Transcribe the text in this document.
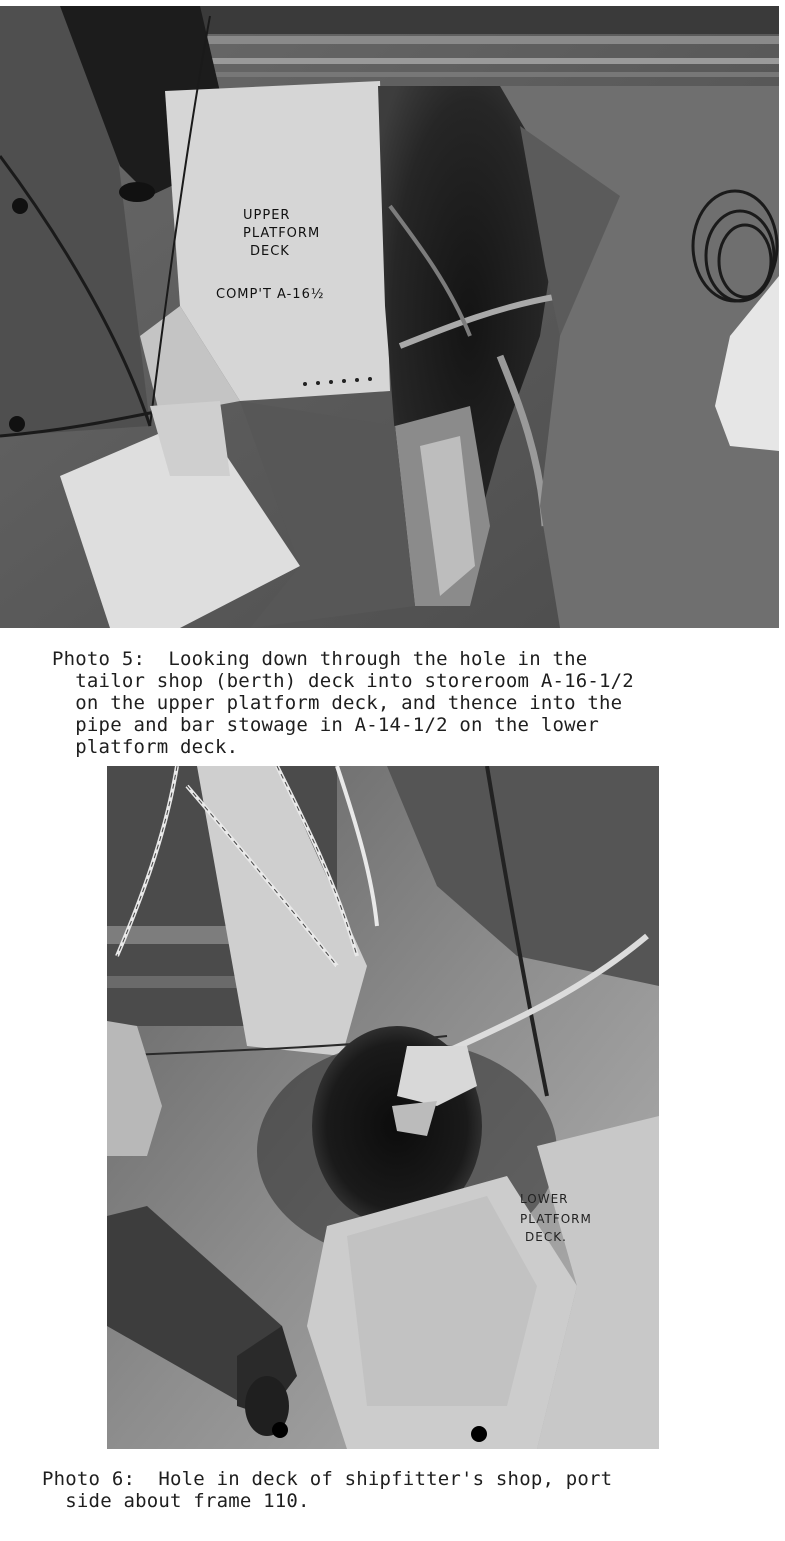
UPPER
PLATFORM
DECK
COMP'T A-16½

Photo 5:  Looking down through the hole in the
tailor shop (berth) deck into storeroom A-16-1/2
on the upper platform deck, and thence into the
pipe and bar stowage in A-14-1/2 on the lower
platform deck.

LOWER
PLATFORM
DECK.

Photo 6:  Hole in deck of shipfitter's shop, port
side about frame 110.
